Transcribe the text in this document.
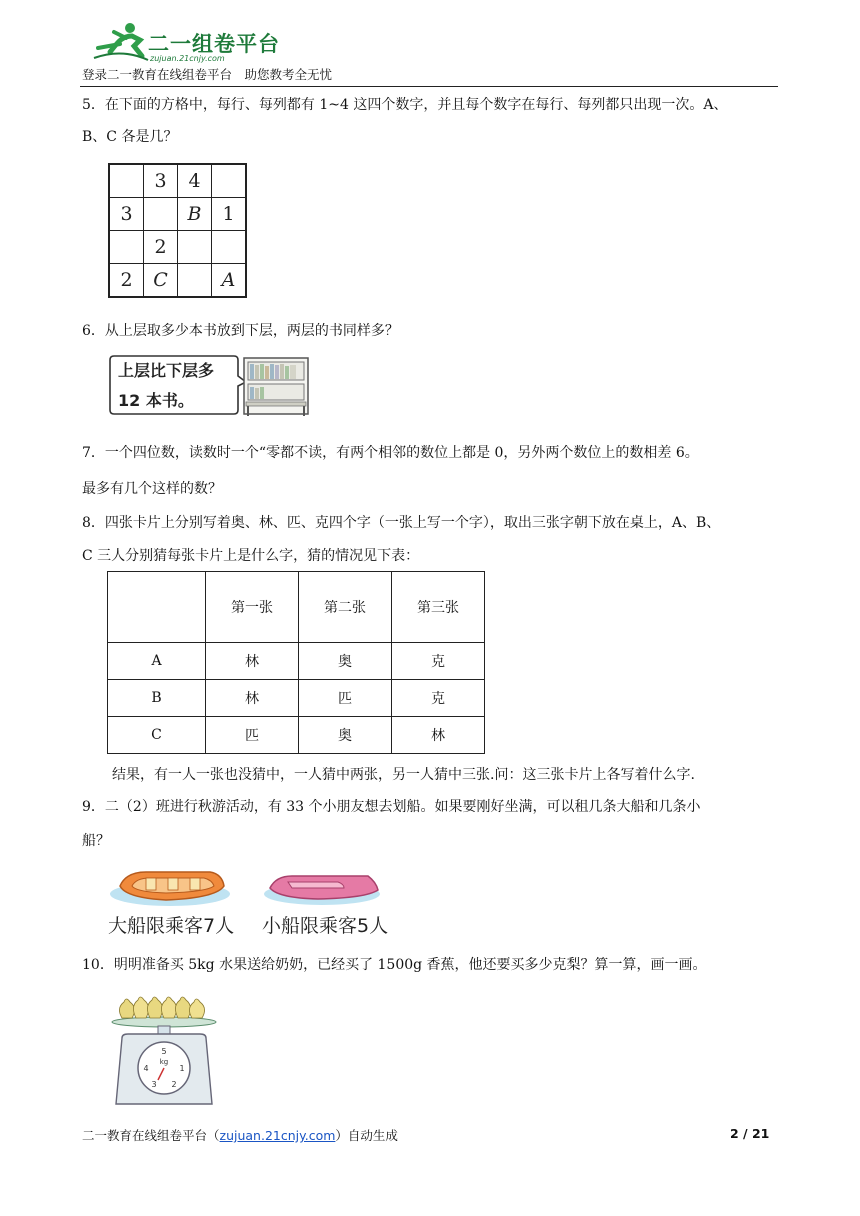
二一组卷平台
zujuan.21cnjy.com
登录二一教育在线组卷平台　助您教考全无忧
5．在下面的方格中，每行、每列都有 1~4 这四个数字，并且每个数字在每行、每列都只出现一次。A、
B、C 各是几？
	3	4	
3		B	1
	2		
2	C		A
6．从上层取多少本书放到下层，两层的书同样多？
上层比下层多
12 本书。
7．一个四位数，读数时一个“零都不读，有两个相邻的数位上都是 0，另外两个数位上的数相差 6。
最多有几个这样的数？
8．四张卡片上分别写着奥、林、匹、克四个字（一张上写一个字），取出三张字朝下放在桌上，A、B、
C 三人分别猜每张卡片上是什么字，猜的情况见下表：
	第一张	第二张	第三张
A	林	奥	克
B	林	匹	克
C	匹	奥	林
结果，有一人一张也没猜中，一人猜中两张，另一人猜中三张.问：这三张卡片上各写着什么字.
9．二（2）班进行秋游活动，有 33 个小朋友想去划船。如果要刚好坐满，可以租几条大船和几条小
船？
大船限乘客7人 小船限乘客5人
10．明明准备买 5kg 水果送给奶奶，已经买了 1500g 香蕉，他还要买多少克梨？算一算，画一画。
5
kg
1
2
3
4
二一教育在线组卷平台（zujuan.21cnjy.com）自动生成	2 / 21
